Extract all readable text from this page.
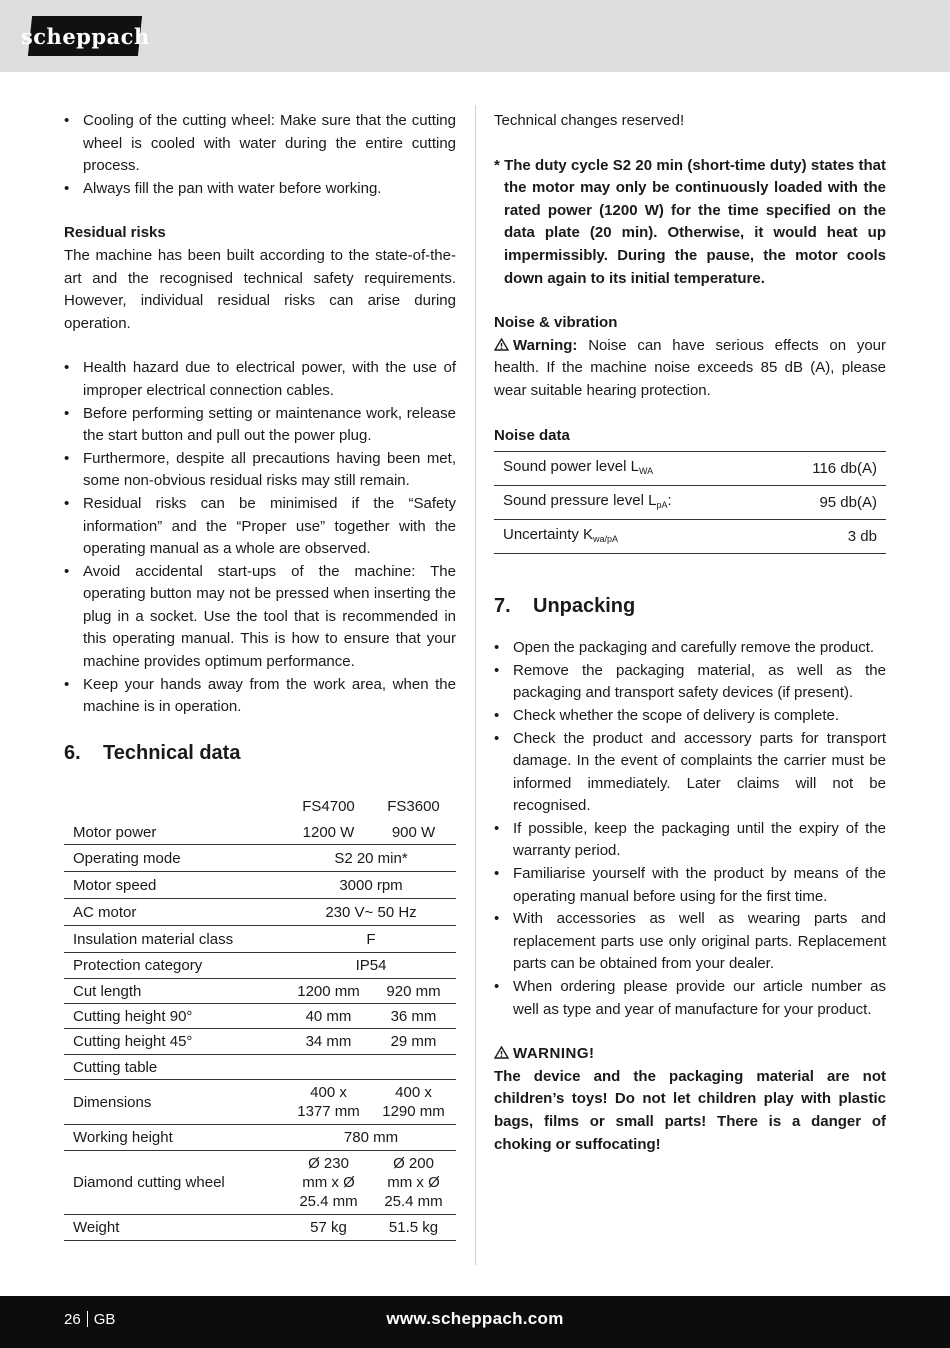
scheppach
• Cooling of the cutting wheel: Make sure that the cutting wheel is cooled with water during the entire cutting process.
• Always fill the pan with water before working.
Residual risks

The machine has been built according to the state-of-the-art and the recognised technical safety requirements. However, individual residual risks can arise during operation.

• Health hazard due to electrical power, with the use of improper electrical connection cables.
• Before performing setting or maintenance work, release the start button and pull out the power plug.
• Furthermore, despite all precautions having been met, some non-obvious residual risks may still remain.
• Residual risks can be minimised if the “Safety information” and the “Proper use” together with the operating manual as a whole are observed.
• Avoid accidental start-ups of the machine: The operating button may not be pressed when inserting the plug in a socket. Use the tool that is recommended in this operating manual. This is how to ensure that your machine provides optimum performance.
• Keep your hands away from the work area, when the machine is in operation.
6.	Technical data
	FS4700	FS3600
Motor power	1200 W	900 W
Operating mode	S2 20 min*	
Motor speed	3000 rpm	
AC motor	230 V~ 50 Hz	
Insulation material class	F	
Protection category	IP54	
Cut length	1200 mm	920 mm
Cutting height 90°	40 mm	36 mm
Cutting height 45°	34 mm	29 mm
Cutting table		
Dimensions	400 x 1377 mm	400 x 1290 mm
Working height	780 mm	
Diamond cutting wheel	Ø 230 mm x Ø 25.4 mm	Ø 200 mm x Ø 25.4 mm
Weight	57 kg	51.5 kg

Technical changes reserved!

* The duty cycle S2 20 min (short-time duty) states that the motor may only be continuously loaded with the rated power (1200 W) for the time specified on the data plate (20 min). Otherwise, it would heat up impermissibly. During the pause, the motor cools down again to its initial temperature.

Noise & vibration

Warning: Noise can have serious effects on your health. If the machine noise exceeds 85 dB (A), please wear suitable hearing protection.

Noise data
Sound power level $L_{WA}$	116 db(A)
Sound pressure level $L_{pA}$:	95 db(A)
Uncertainty $K_{wa/pA}$	3 db
7.	Unpacking
• Open the packaging and carefully remove the product.
• Remove the packaging material, as well as the packaging and transport safety devices (if present).
• Check whether the scope of delivery is complete.
• Check the product and accessory parts for transport damage. In the event of complaints the carrier must be informed immediately. Later claims will not be recognised.
• If possible, keep the packaging until the expiry of the warranty period.
• Familiarise yourself with the product by means of the operating manual before using for the first time.
• With accessories as well as wearing parts and replacement parts use only original parts. Replacement parts can be obtained from your dealer.
• When ordering please provide our article number as well as type and year of manufacture for your product.
WARNING!

The device and the packaging material are not children’s toys! Do not let children play with plastic bags, films or small parts! There is a danger of choking or suffocating!

26 GB	www.scheppach.com
